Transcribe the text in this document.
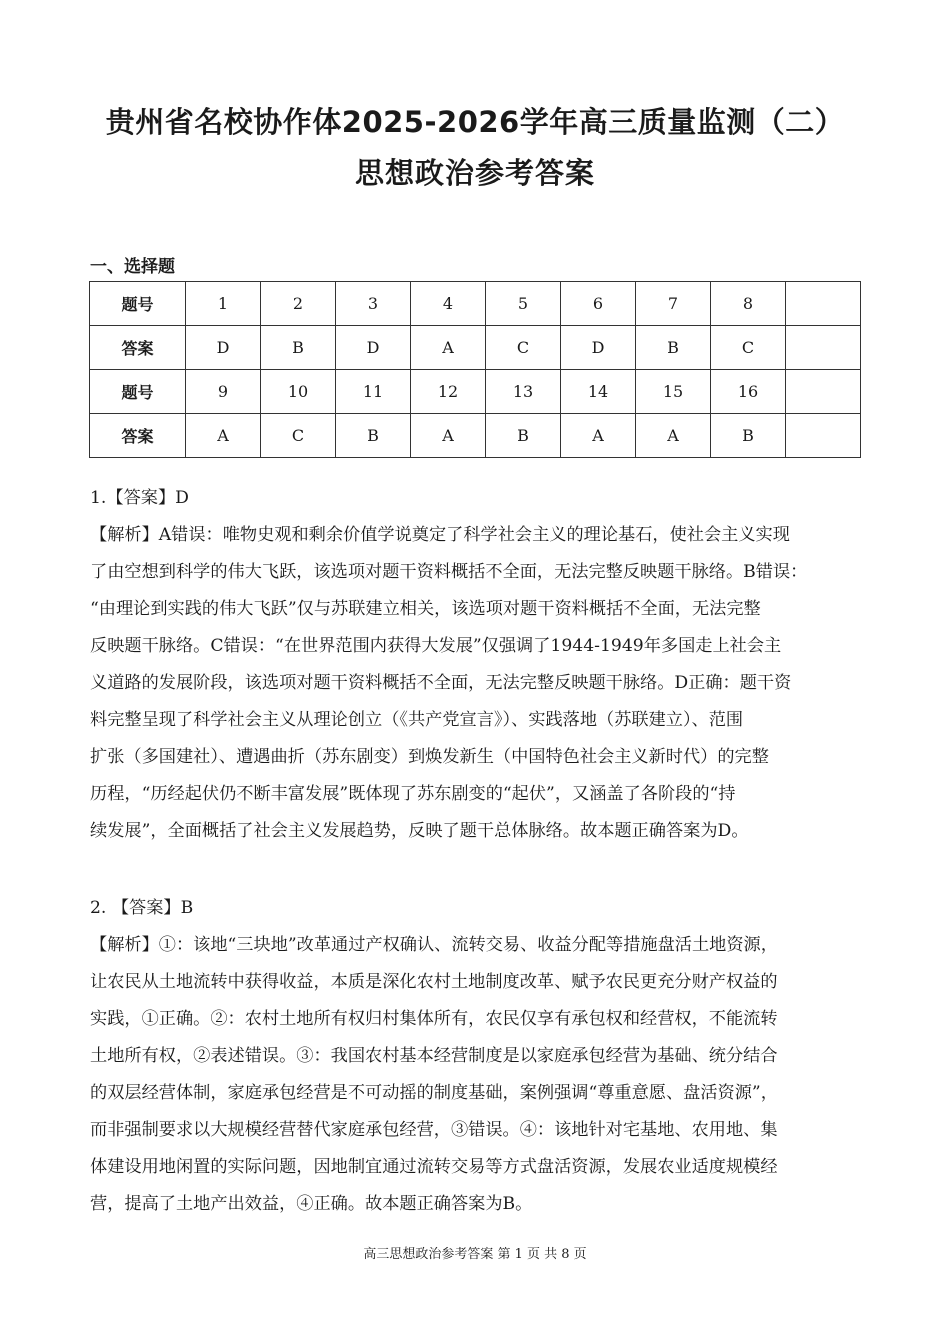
贵州省名校协作体2025-2026学年高三质量监测（二）
思想政治参考答案
一、选择题
题号	1	2	3	4	5	6	7	8	
答案	D	B	D	A	C	D	B	C	
题号	9	10	11	12	13	14	15	16	
答案	A	C	B	A	B	A	A	B	

1.【答案】D

【解析】A错误：唯物史观和剩余价值学说奠定了科学社会主义的理论基石，使社会主义实现

了由空想到科学的伟大飞跃，该选项对题干资料概括不全面，无法完整反映题干脉络。B错误：

“由理论到实践的伟大飞跃”仅与苏联建立相关，该选项对题干资料概括不全面，无法完整

反映题干脉络。C错误：“在世界范围内获得大发展”仅强调了1944-1949年多国走上社会主

义道路的发展阶段，该选项对题干资料概括不全面，无法完整反映题干脉络。D正确：题干资

料完整呈现了科学社会主义从理论创立（《共产党宣言》）、实践落地（苏联建立）、范围

扩张（多国建社）、遭遇曲折（苏东剧变）到焕发新生（中国特色社会主义新时代）的完整

历程，“历经起伏仍不断丰富发展”既体现了苏东剧变的“起伏”，又涵盖了各阶段的“持

续发展”，全面概括了社会主义发展趋势，反映了题干总体脉络。故本题正确答案为D。

2. 【答案】B

【解析】①：该地“三块地”改革通过产权确认、流转交易、收益分配等措施盘活土地资源，

让农民从土地流转中获得收益，本质是深化农村土地制度改革、赋予农民更充分财产权益的

实践，①正确。②：农村土地所有权归村集体所有，农民仅享有承包权和经营权，不能流转

土地所有权，②表述错误。③：我国农村基本经营制度是以家庭承包经营为基础、统分结合

的双层经营体制，家庭承包经营是不可动摇的制度基础，案例强调“尊重意愿、盘活资源”，

而非强制要求以大规模经营替代家庭承包经营，③错误。④：该地针对宅基地、农用地、集

体建设用地闲置的实际问题，因地制宜通过流转交易等方式盘活资源，发展农业适度规模经

营，提高了土地产出效益，④正确。故本题正确答案为B。

高三思想政治参考答案 第 1 页 共 8 页
